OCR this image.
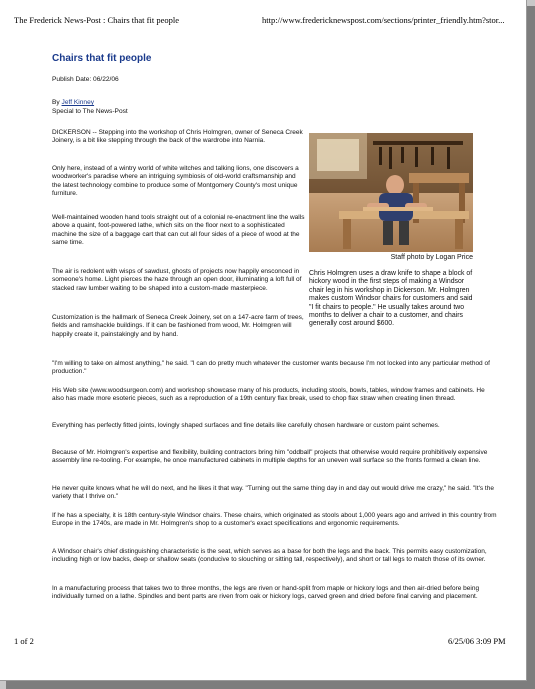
The Frederick News-Post : Chairs that fit people	http://www.fredericknewspost.com/sections/printer_friendly.htm?stor...
Chairs that fit people
Publish Date: 06/22/06
By Jeff Kinney
Special to The News-Post

DICKERSON -- Stepping into the workshop of Chris Holmgren, owner of Seneca Creek Joinery, is a bit like stepping through the back of the wardrobe into Narnia.

Only here, instead of a wintry world of white witches and talking lions, one discovers a woodworker's paradise where an intriguing symbiosis of old-world craftsmanship and the latest technology combine to produce some of Montgomery County's most unique furniture.

Well-maintained wooden hand tools straight out of a colonial re-enactment line the walls above a quaint, foot-powered lathe, which sits on the floor next to a sophisticated machine the size of a baggage cart that can cut all four sides of a piece of wood at the same time.

The air is redolent with wisps of sawdust, ghosts of projects now happily ensconced in someone's home. Light pierces the haze through an open door, illuminating a loft full of stacked raw lumber waiting to be shaped into a custom-made masterpiece.

Customization is the hallmark of Seneca Creek Joinery, set on a 147-acre farm of trees, fields and ramshackle buildings. If it can be fashioned from wood, Mr. Holmgren will happily create it, painstakingly and by hand.

Staff photo by Logan Price

Chris Holmgren uses a draw knife to shape a block of hickory wood in the first steps of making a Windsor chair leg in his workshop in Dickerson. Mr. Holmgren makes custom Windsor chairs for customers and said "I fit chairs to people." He usually takes around two months to deliver a chair to a customer, and chairs generally cost around $600.

"I'm willing to take on almost anything," he said. "I can do pretty much whatever the customer wants because I'm not locked into any particular method of production."

His Web site (www.woodsurgeon.com) and workshop showcase many of his products, including stools, bowls, tables, window frames and cabinets. He also has made more esoteric pieces, such as a reproduction of a 19th century flax break, used to chop flax straw when creating linen thread.

Everything has perfectly fitted joints, lovingly shaped surfaces and fine details like carefully chosen hardware or custom paint schemes.

Because of Mr. Holmgren's expertise and flexibility, building contractors bring him "oddball" projects that otherwise would require prohibitively expensive assembly line re-tooling. For example, he once manufactured cabinets in multiple depths for an uneven wall surface so the fronts formed a clean line.

He never quite knows what he will do next, and he likes it that way. "Turning out the same thing day in and day out would drive me crazy," he said. "It's the variety that I thrive on."

If he has a specialty, it is 18th century-style Windsor chairs. These chairs, which originated as stools about 1,000 years ago and arrived in this country from Europe in the 1740s, are made in Mr. Holmgren's shop to a customer's exact specifications and ergonomic requirements.

A Windsor chair's chief distinguishing characteristic is the seat, which serves as a base for both the legs and the back. This permits easy customization, including high or low backs, deep or shallow seats (conducive to slouching or sitting tall, respectively), and short or tall legs to match those of its owner.

In a manufacturing process that takes two to three months, the legs are riven or hand-split from maple or hickory logs and then air-dried before being individually turned on a lathe. Spindles and bent parts are riven from oak or hickory logs, carved green and dried before final carving and placement.

1 of 2	6/25/06 3:09 PM
